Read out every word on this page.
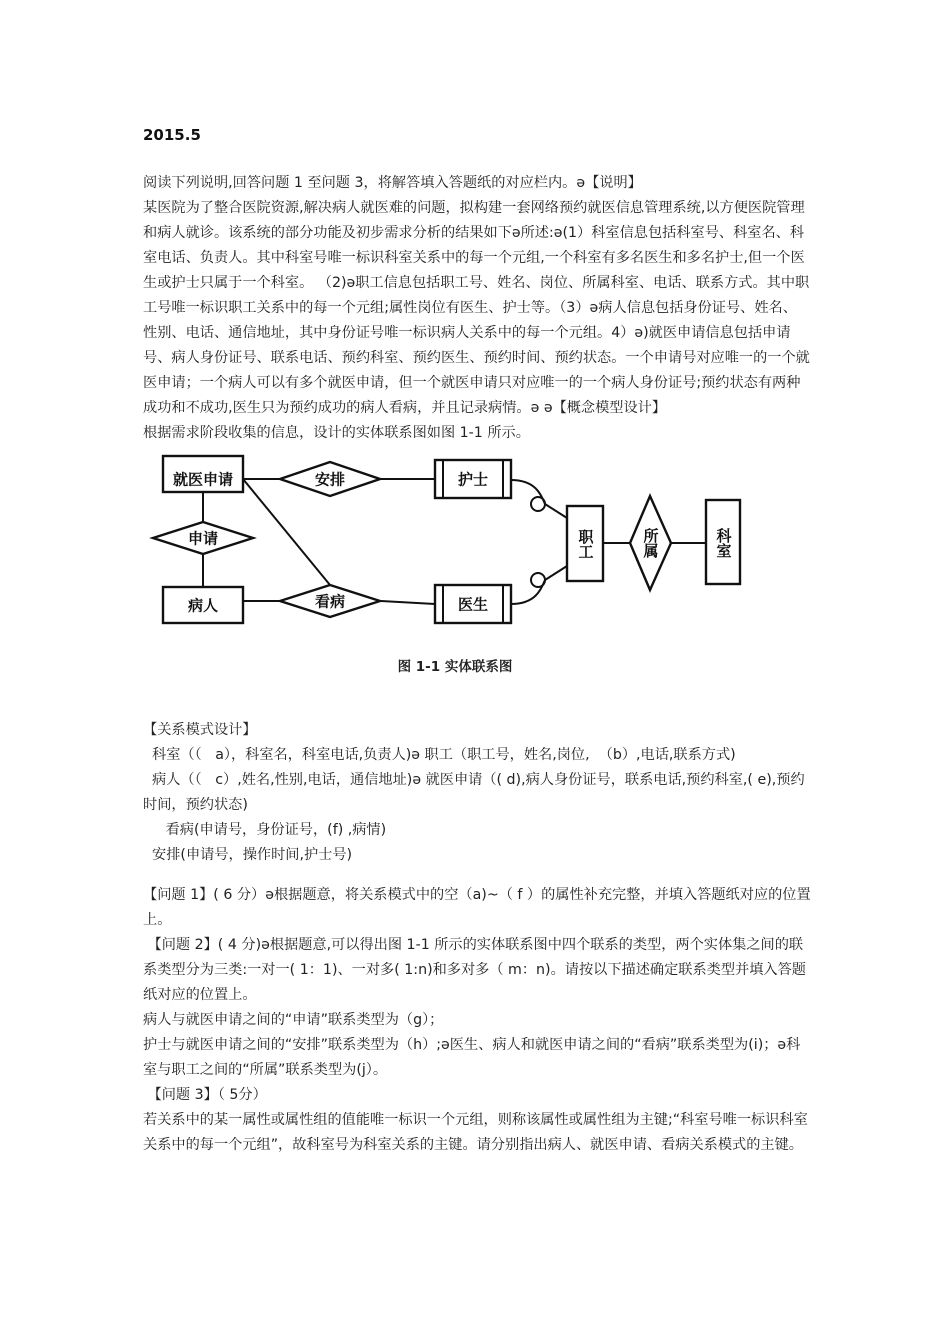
2015.5

阅读下列说明,回答问题 1 至问题 3，将解答填入答题纸的对应栏内。ǝ【说明】

某医院为了整合医院资源,解决病人就医难的问题，拟构建一套网络预约就医信息管理系统,以方便医院管理和病人就诊。该系统的部分功能及初步需求分析的结果如下ǝ所述:ǝ(1）科室信息包括科室号、科室名、科室电话、负责人。其中科室号唯一标识科室关系中的每一个元组,一个科室有多名医生和多名护士,但一个医生或护士只属于一个科室。 （2)ǝ职工信息包括职工号、姓名、岗位、所属科室、电话、联系方式。其中职工号唯一标识职工关系中的每一个元组;属性岗位有医生、护士等。（3）ǝ病人信息包括身份证号、姓名、性别、电话、通信地址，其中身份证号唯一标识病人关系中的每一个元组。4）ǝ)就医申请信息包括申请号、病人身份证号、联系电话、预约科室、预约医生、预约时间、预约状态。一个申请号对应唯一的一个就医申请；一个病人可以有多个就医申请，但一个就医申请只对应唯一的一个病人身份证号;预约状态有两种成功和不成功,医生只为预约成功的病人看病，并且记录病情。ǝ ǝ【概念模型设计】

根据需求阶段收集的信息，设计的实体联系图如图 1-1 所示。

就医申请
病人
护士
医生
职工	科室
安排
申请
看病
所属
图 1-1 实体联系图

【关系模式设计】

科室（（   a），科室名，科室电话,负责人)ǝ 职工（职工号，姓名,岗位,  （b）,电话,联系方式)

病人（（   c）,姓名,性别,电话，通信地址)ǝ 就医申请（( d),病人身份证号，联系电话,预约科室,( e),预约时间，预约状态)

看病(申请号，身份证号，(f) ,病情)

安排(申请号，操作时间,护士号)

【问题 1】( 6 分）ǝ根据题意，将关系模式中的空（a)~（ f ）的属性补充完整，并填入答题纸对应的位置上。

【问题 2】( 4 分)ǝ根据题意,可以得出图 1-1 所示的实体联系图中四个联系的类型，两个实体集之间的联系类型分为三类:一对一( 1：1)、一对多( 1:n)和多对多（ m：n)。请按以下描述确定联系类型并填入答题纸对应的位置上。

病人与就医申请之间的“申请”联系类型为（g）；

护士与就医申请之间的“安排”联系类型为（h）;ǝ医生、病人和就医申请之间的“看病”联系类型为(i)；ǝ科室与职工之间的“所属”联系类型为(j）。

【问题 3】（ 5分）

若关系中的某一属性或属性组的值能唯一标识一个元组，则称该属性或属性组为主键;“科室号唯一标识科室关系中的每一个元组”，故科室号为科室关系的主键。请分别指出病人、就医申请、看病关系模式的主键。
